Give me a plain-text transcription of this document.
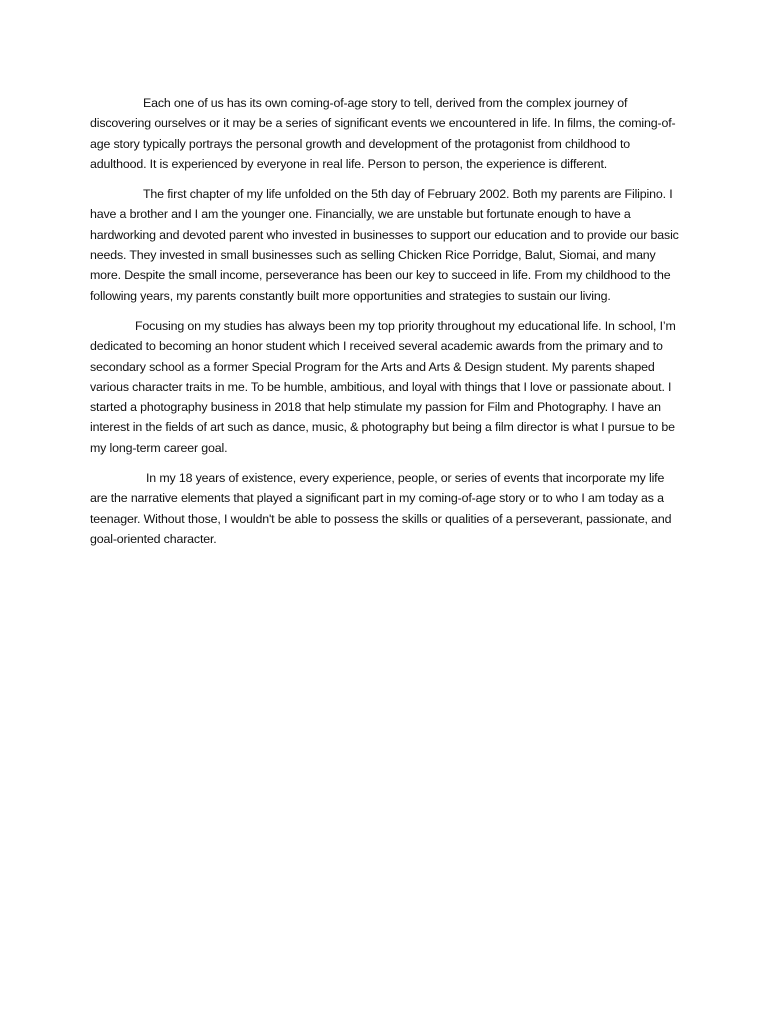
Each one of us has its own coming-of-age story to tell, derived from the complex journey of discovering ourselves or it may be a series of significant events we encountered in life. In films, the coming-of-age story typically portrays the personal growth and development of the protagonist from childhood to adulthood. It is experienced by everyone in real life. Person to person, the experience is different.

The first chapter of my life unfolded on the 5th day of February 2002. Both my parents are Filipino. I have a brother and I am the younger one. Financially, we are unstable but fortunate enough to have a hardworking and devoted parent who invested in businesses to support our education and to provide our basic needs. They invested in small businesses such as selling Chicken Rice Porridge, Balut, Siomai, and many more. Despite the small income, perseverance has been our key to succeed in life. From my childhood to the following years, my parents constantly built more opportunities and strategies to sustain our living.

Focusing on my studies has always been my top priority throughout my educational life. In school, I’m dedicated to becoming an honor student which I received several academic awards from the primary and to secondary school as a former Special Program for the Arts and Arts & Design student. My parents shaped various character traits in me. To be humble, ambitious, and loyal with things that I love or passionate about. I started a photography business in 2018 that help stimulate my passion for Film and Photography. I have an interest in the fields of art such as dance, music, & photography but being a film director is what I pursue to be my long-term career goal.

In my 18 years of existence, every experience, people, or series of events that incorporate my life are the narrative elements that played a significant part in my coming-of-age story or to who I am today as a teenager. Without those, I wouldn't be able to possess the skills or qualities of a perseverant, passionate, and goal-oriented character.
